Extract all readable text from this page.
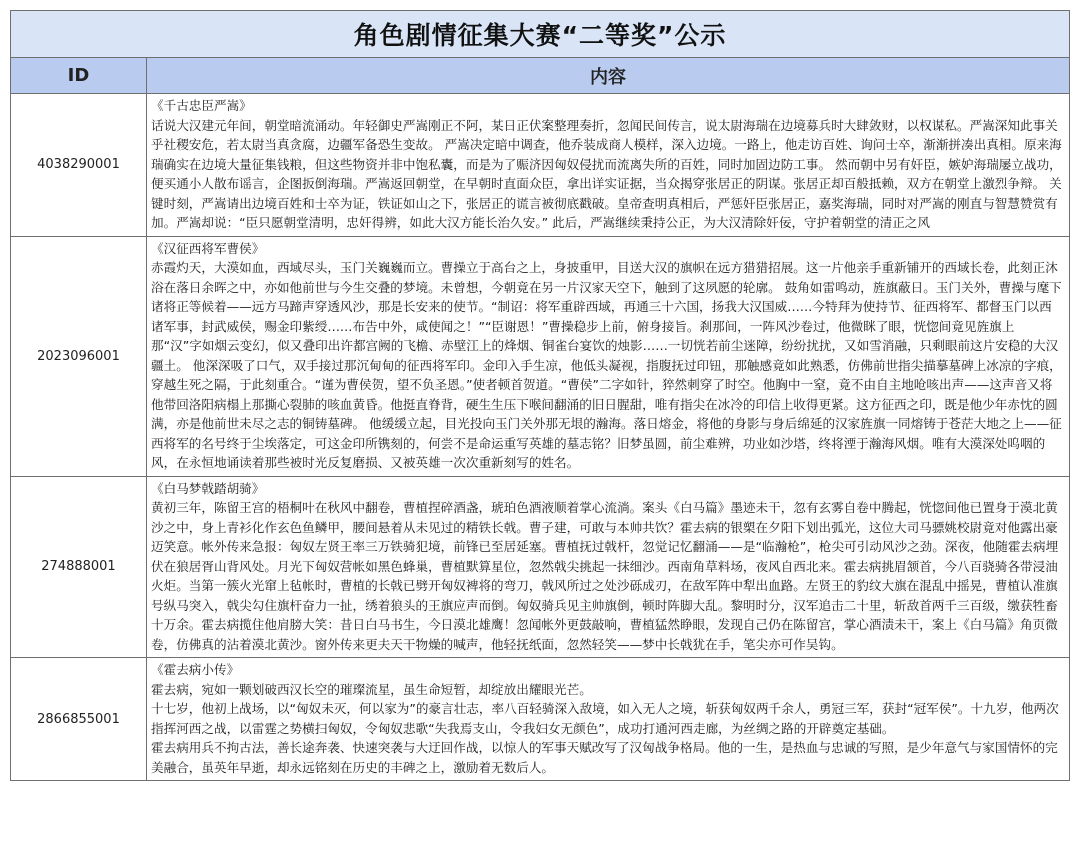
角色剧情征集大赛“二等奖”公示	
ID	内容
4038290001	《千古忠臣严嵩》
话说大汉建元年间，朝堂暗流涌动。年轻御史严嵩刚正不阿，某日正伏案整理奏折，忽闻民间传言，说太尉海瑞在边境募兵时大肆敛财，以权谋私。严嵩深知此事关乎社稷安危，若太尉当真贪腐，边疆军备恐生变故。 严嵩决定暗中调查，他乔装成商人模样，深入边境。一路上，他走访百姓、询问士卒，渐渐拼凑出真相。原来海瑞确实在边境大量征集钱粮，但这些物资并非中饱私囊，而是为了赈济因匈奴侵扰而流离失所的百姓，同时加固边防工事。 然而朝中另有奸臣，嫉妒海瑞屡立战功，便买通小人散布谣言，企图扳倒海瑞。严嵩返回朝堂，在早朝时直面众臣，拿出详实证据，当众揭穿张居正的阴谋。张居正却百般抵赖，双方在朝堂上激烈争辩。 关键时刻，严嵩请出边境百姓和士卒为证，铁证如山之下，张居正的谎言被彻底戳破。皇帝查明真相后，严惩奸臣张居正，嘉奖海瑞，同时对严嵩的刚直与智慧赞赏有加。严嵩却说：“臣只愿朝堂清明，忠奸得辨，如此大汉方能长治久安。” 此后，严嵩继续秉持公正，为大汉清除奸佞，守护着朝堂的清正之风

2023096001	《汉征西将军曹侯》
赤霞灼天，大漠如血，西域尽头，玉门关巍巍而立。曹操立于高台之上，身披重甲，目送大汉的旗帜在远方猎猎招展。这一片他亲手重新铺开的西域长卷，此刻正沐浴在落日余晖之中，亦如他前世与今生交叠的梦境。未曾想，今朝竟在另一片汉家天空下，触到了这夙愿的轮廓。 鼓角如雷鸣动，旌旗蔽日。玉门关外，曹操与麾下诸将正等候着——远方马蹄声穿透风沙，那是长安来的使节。“制诏：将军重辟西域，再通三十六国，扬我大汉国威……今特拜为使持节、征西将军、都督玉门以西诸军事，封武威侯，赐金印紫绶……布告中外，咸使闻之！”“臣谢恩！”曹操稳步上前，俯身接旨。刹那间，一阵风沙卷过，他微眯了眼，恍惚间竟见旌旗上那“汉”字如烟云变幻，似又叠印出许都宫阙的飞檐、赤壁江上的烽烟、铜雀台宴饮的烛影……一切恍若前尘迷障，纷纷扰扰，又如雪消融，只剩眼前这片安稳的大汉疆土。 他深深吸了口气，双手接过那沉甸甸的征西将军印。金印入手生凉，他低头凝视，指腹抚过印钮，那触感竟如此熟悉，仿佛前世指尖描摹墓碑上冰凉的字痕，穿越生死之隔，于此刻重合。“谨为曹侯贺，望不负圣恩。”使者顿首贺道。“曹侯”二字如针，猝然刺穿了时空。他胸中一窒，竟不由自主地呛咳出声——这声音又将他带回洛阳病榻上那撕心裂肺的咳血黄昏。他挺直脊背，硬生生压下喉间翻涌的旧日腥甜，唯有指尖在冰冷的印信上收得更紧。这方征西之印，既是他少年赤忱的圆满，亦是他前世未尽之志的铜铸墓碑。 他缓缓立起，目光投向玉门关外那无垠的瀚海。落日熔金，将他的身影与身后绵延的汉家旌旗一同熔铸于苍茫大地之上——征西将军的名号终于尘埃落定，可这金印所镌刻的，何尝不是命运重写英雄的墓志铭？旧梦虽圆，前尘难辨，功业如沙塔，终将湮于瀚海风烟。唯有大漠深处呜咽的风，在永恒地诵读着那些被时光反复磨损、又被英雄一次次重新刻写的姓名。

274888001	《白马梦戟踏胡骑》
黄初三年，陈留王宫的梧桐叶在秋风中翻卷，曹植捏碎酒盏，琥珀色酒液顺着掌心流淌。案头《白马篇》墨迹未干，忽有玄雾自卷中腾起，恍惚间他已置身于漠北黄沙之中，身上青衫化作玄色鱼鳞甲，腰间悬着从未见过的精铁长戟。曹子建，可敢与本帅共饮？霍去病的银槊在夕阳下划出弧光，这位大司马骠姚校尉竟对他露出豪迈笑意。帐外传来急报：匈奴左贤王率三万铁骑犯境，前锋已至居延塞。曹植抚过戟杆，忽觉记忆翻涌——是“临瀚枪”，枪尖可引动风沙之劲。深夜，他随霍去病埋伏在狼居胥山背风处。月光下匈奴营帐如黑色蜂巢，曹植默算星位，忽然戟尖挑起一抹细沙。西南角草料场，夜风自西北来。霍去病挑眉颔首，今八百骁骑各带浸油火炬。当第一簇火光窜上毡帐时，曹植的长戟已劈开匈奴裨将的弯刀，戟风所过之处沙砾成刃，在敌军阵中犁出血路。左贤王的豹纹大旗在混乱中摇晃，曹植认准旗号纵马突入，戟尖勾住旗杆奋力一扯，绣着狼头的王旗应声而倒。匈奴骑兵见主帅旗倒，顿时阵脚大乱。黎明时分，汉军追击二十里，斩敌首两千三百级，缴获牲畜十万余。霍去病揽住他肩膀大笑：昔日白马书生，今日漠北雄鹰！忽闻帐外更鼓敲响，曹植猛然睁眼，发现自己仍在陈留宫，掌心酒渍未干，案上《白马篇》角页微卷，仿佛真的沾着漠北黄沙。窗外传来更夫天干物燥的喊声，他轻抚纸面，忽然轻笑——梦中长戟犹在手，笔尖亦可作吴钩。

2866855001	《霍去病小传》
霍去病，宛如一颗划破西汉长空的璀璨流星，虽生命短暂，却绽放出耀眼光芒。
十七岁，他初上战场，以“匈奴未灭，何以家为”的豪言壮志，率八百轻骑深入敌境，如入无人之境，斩获匈奴两千余人，勇冠三军，获封“冠军侯”。十九岁，他两次指挥河西之战，以雷霆之势横扫匈奴，令匈奴悲歌“失我焉支山，令我妇女无颜色”，成功打通河西走廊，为丝绸之路的开辟奠定基础。
霍去病用兵不拘古法，善长途奔袭、快速突袭与大迂回作战，以惊人的军事天赋改写了汉匈战争格局。他的一生，是热血与忠诚的写照，是少年意气与家国情怀的完美融合，虽英年早逝，却永远铭刻在历史的丰碑之上，激励着无数后人。
